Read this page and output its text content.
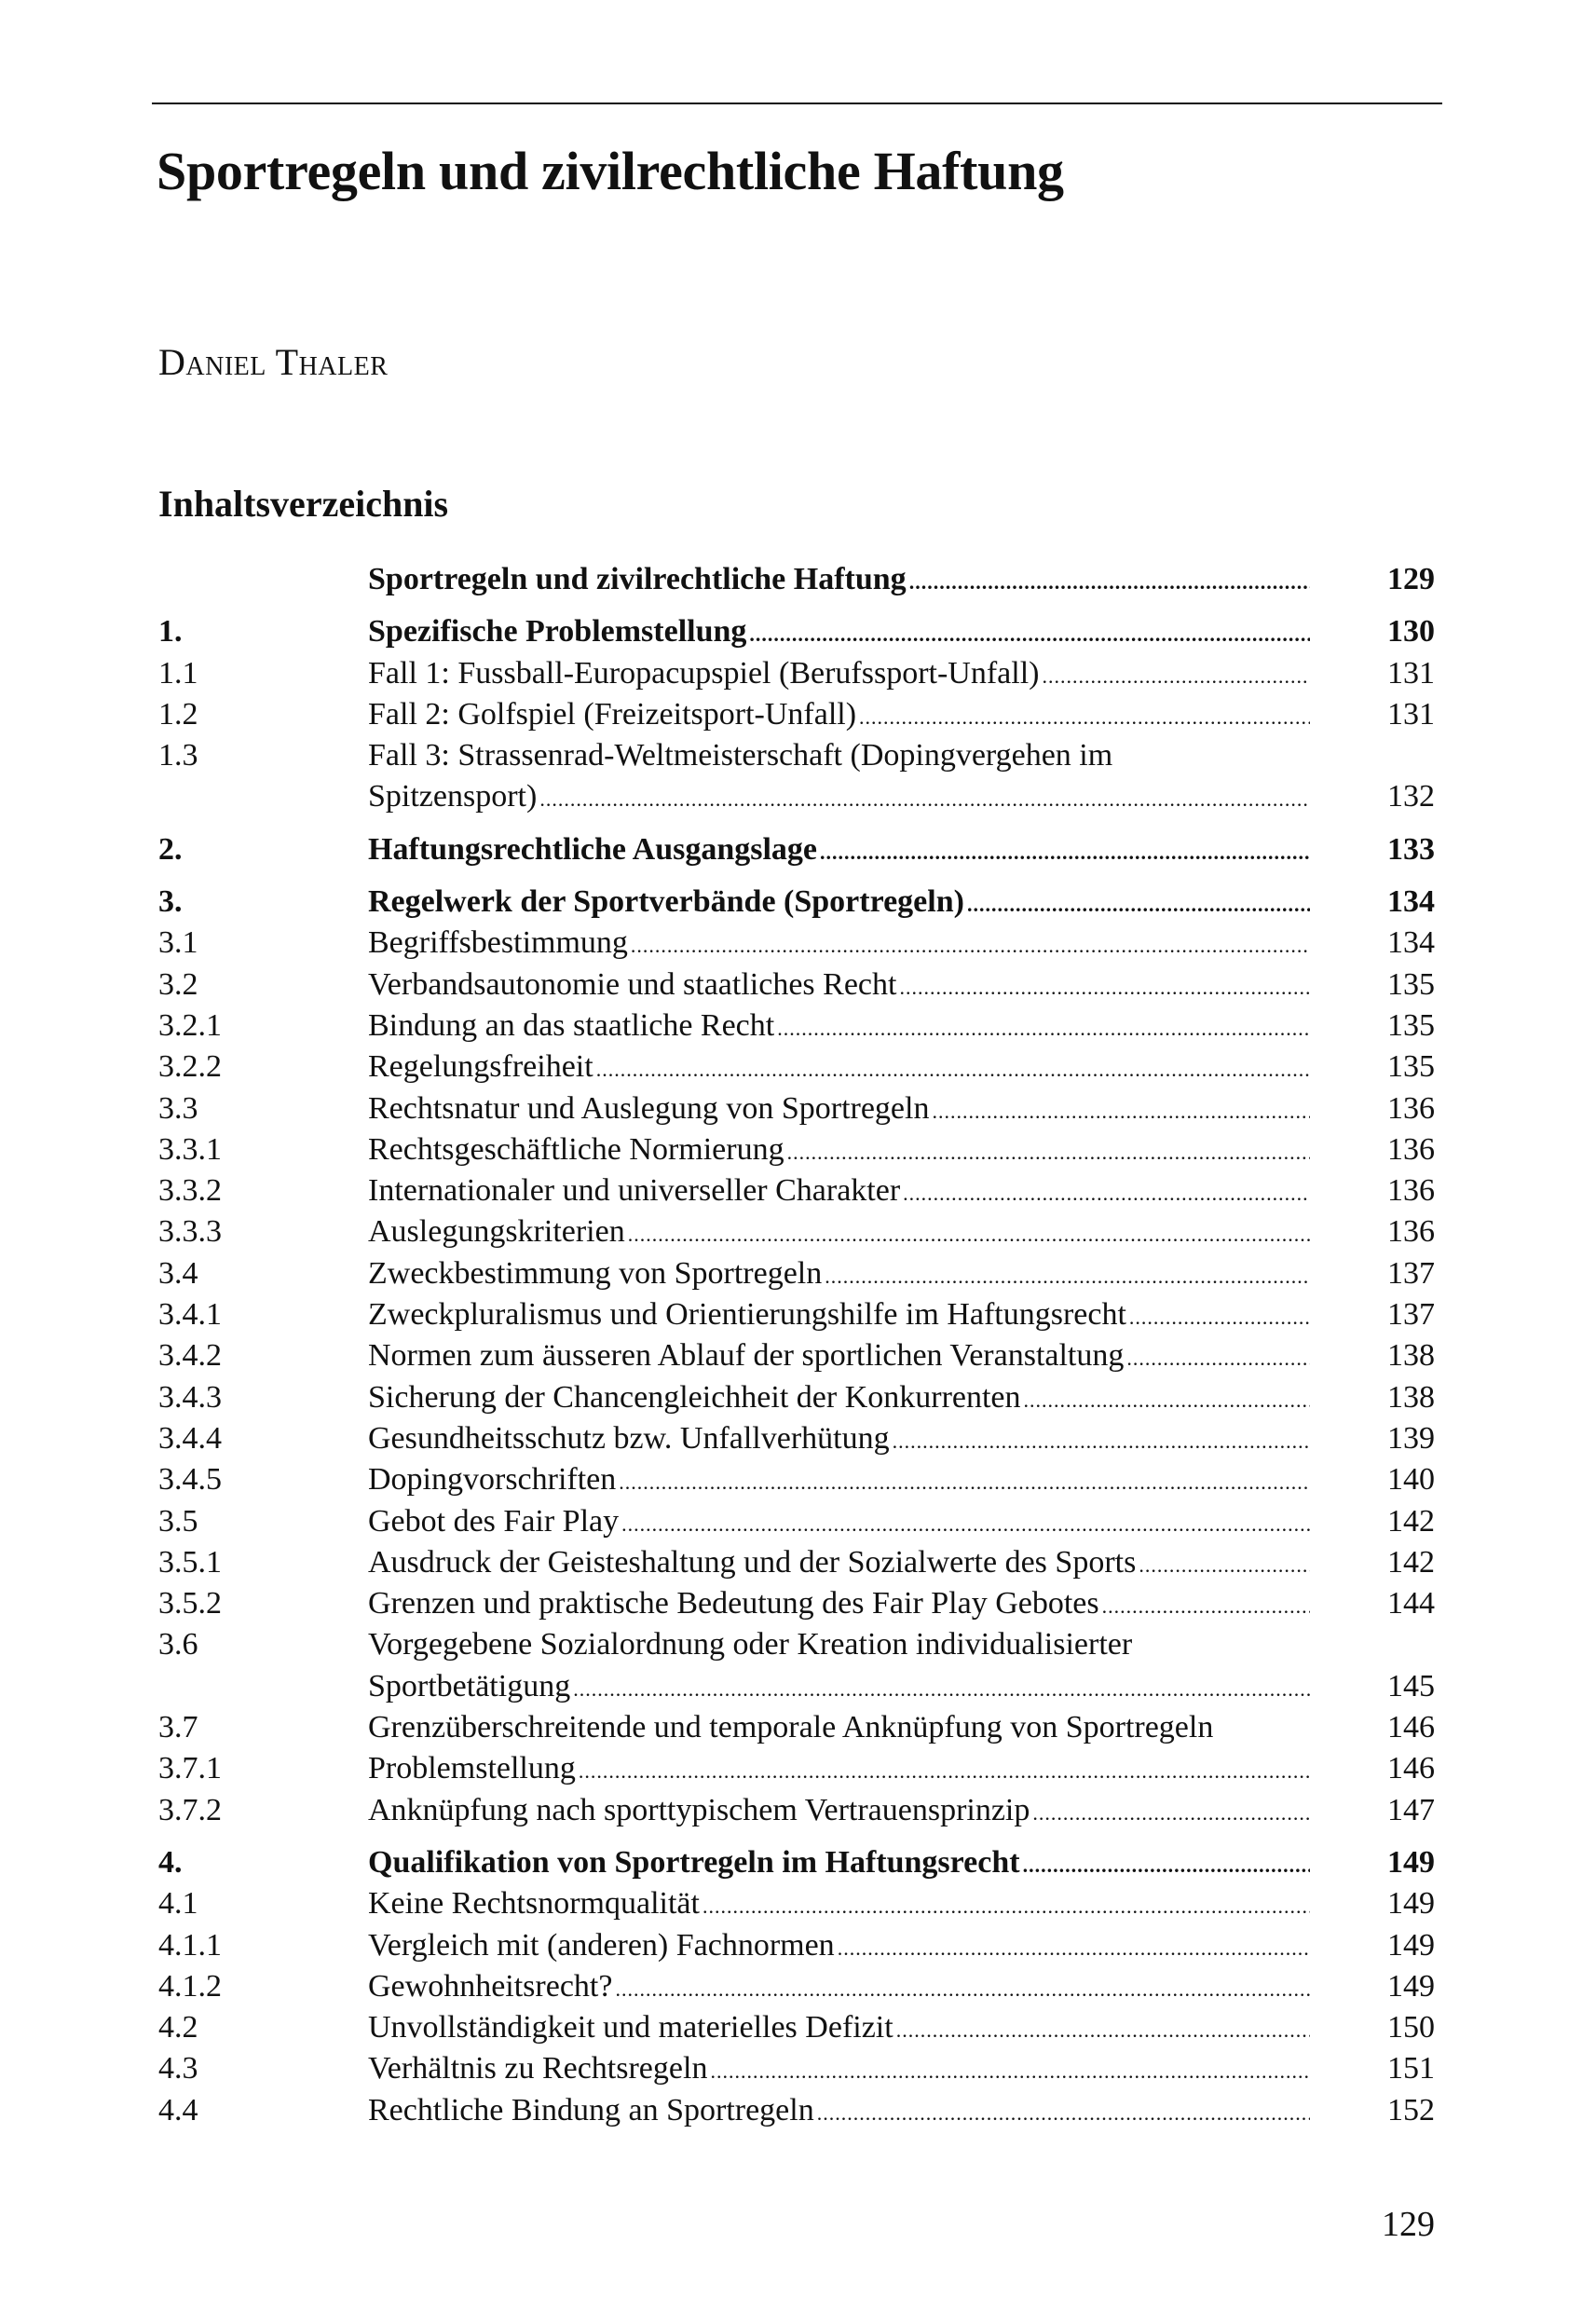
Sportregeln und zivilrechtliche Haftung
Daniel Thaler
Inhaltsverzeichnis
Sportregeln und zivilrechtliche Haftung .....	129
1.	Spezifische Problemstellung .....	130
1.1	Fall 1: Fussball-Europacupspiel (Berufssport-Unfall) .....	131
1.2	Fall 2: Golfspiel (Freizeitsport-Unfall) .....	131
1.3	Fall 3: Strassenrad-Weltmeisterschaft (Dopingvergehen im
Spitzensport) .....	132
2.	Haftungsrechtliche Ausgangslage .....	133
3.	Regelwerk der Sportverbände (Sportregeln) .....	134
3.1	Begriffsbestimmung .....	134
3.2	Verbandsautonomie und staatliches Recht .....	135
3.2.1	Bindung an das staatliche Recht .....	135
3.2.2	Regelungsfreiheit .....	135
3.3	Rechtsnatur und Auslegung von Sportregeln .....	136
3.3.1	Rechtsgeschäftliche Normierung .....	136
3.3.2	Internationaler und universeller Charakter .....	136
3.3.3	Auslegungskriterien .....	136
3.4	Zweckbestimmung von Sportregeln .....	137
3.4.1	Zweckpluralismus und Orientierungshilfe im Haftungsrecht .....	137
3.4.2	Normen zum äusseren Ablauf der sportlichen Veranstaltung .....	138
3.4.3	Sicherung der Chancengleichheit der Konkurrenten .....	138
3.4.4	Gesundheitsschutz bzw. Unfallverhütung .....	139
3.4.5	Dopingvorschriften .....	140
3.5	Gebot des Fair Play .....	142
3.5.1	Ausdruck der Geisteshaltung und der Sozialwerte des Sports .....	142
3.5.2	Grenzen und praktische Bedeutung des Fair Play Gebotes .....	144
3.6	Vorgegebene Sozialordnung oder Kreation individualisierter
Sportbetätigung .....	145
3.7	Grenzüberschreitende und temporale Anknüpfung von Sportregeln	146
3.7.1	Problemstellung .....	146
3.7.2	Anknüpfung nach sporttypischem Vertrauensprinzip .....	147
4.	Qualifikation von Sportregeln im Haftungsrecht .....	149
4.1	Keine Rechtsnormqualität .....	149
4.1.1	Vergleich mit (anderen) Fachnormen .....	149
4.1.2	Gewohnheitsrecht? .....	149
4.2	Unvollständigkeit und materielles Defizit .....	150
4.3	Verhältnis zu Rechtsregeln .....	151
4.4	Rechtliche Bindung an Sportregeln .....	152
129
